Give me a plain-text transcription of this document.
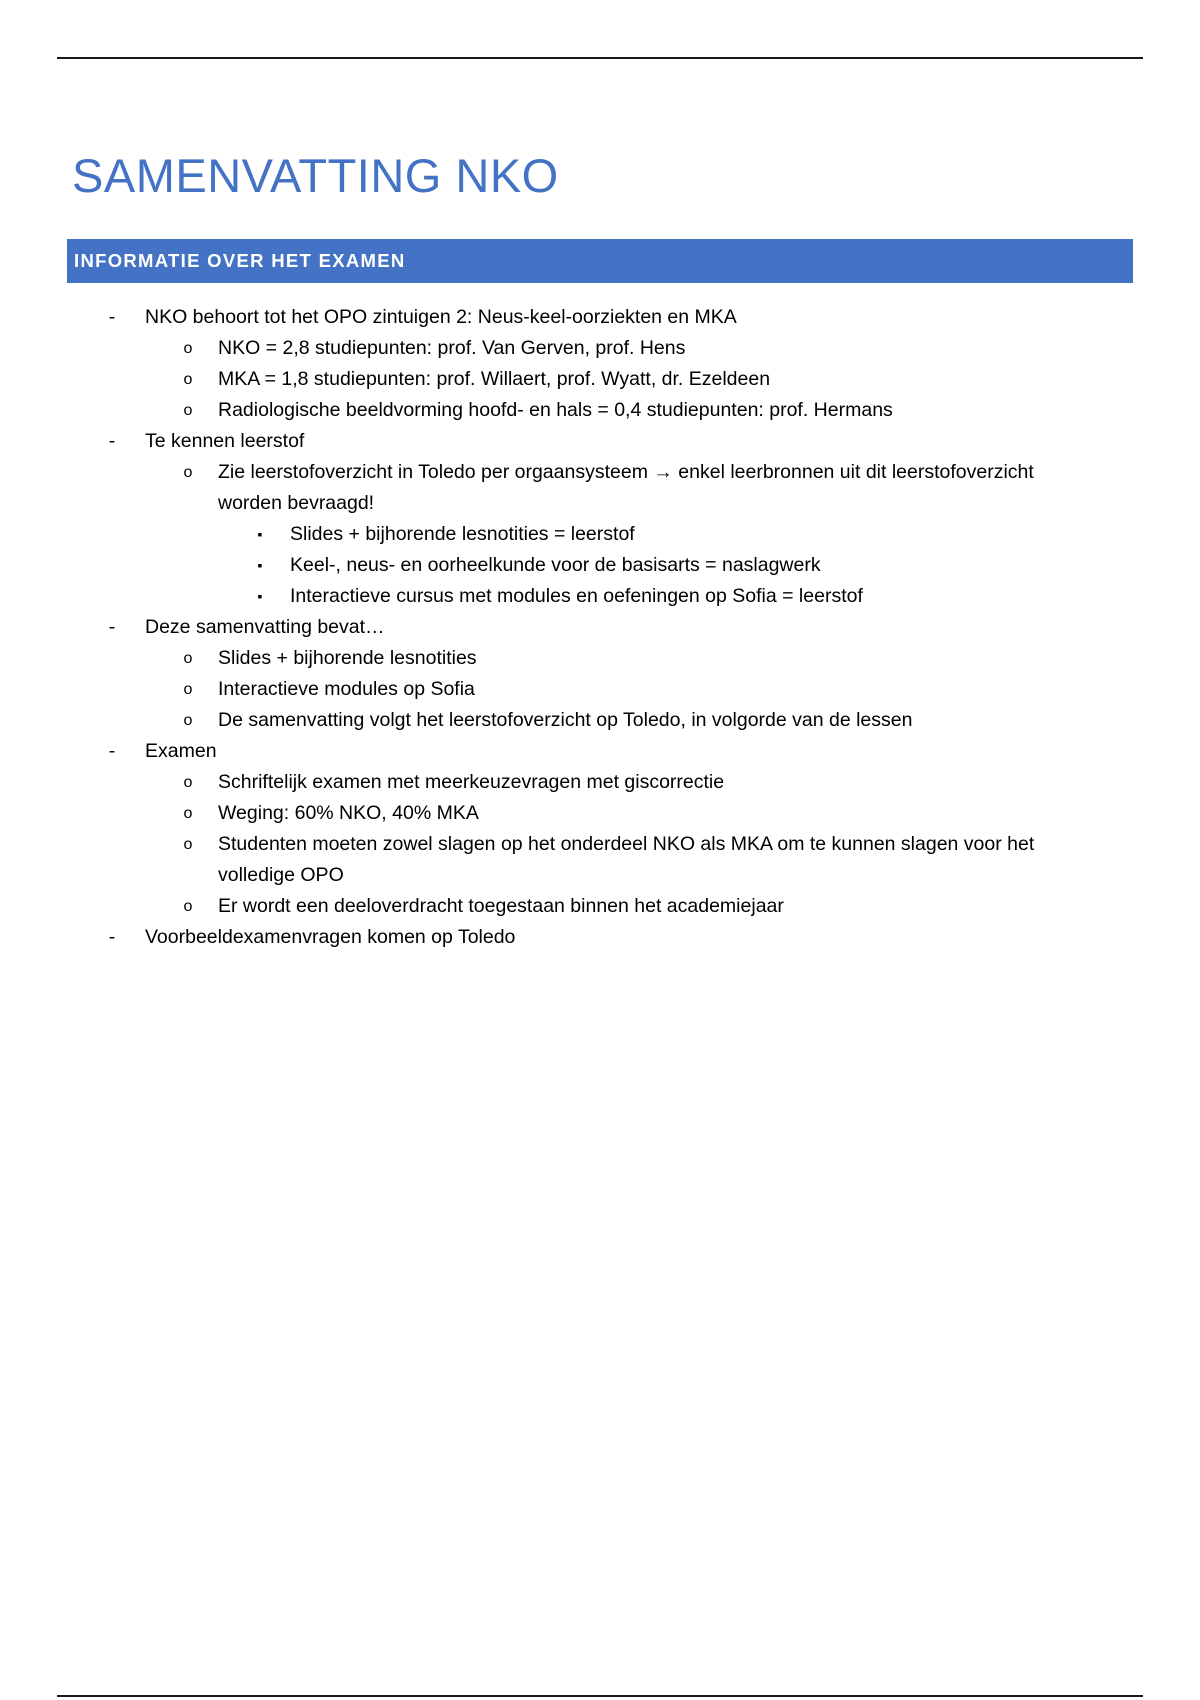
SAMENVATTING NKO
INFORMATIE OVER HET EXAMEN
-	NKO behoort tot het OPO zintuigen 2: Neus-keel-oorziekten en MKA
o NKO = 2,8 studiepunten: prof. Van Gerven, prof. Hens
o MKA = 1,8 studiepunten: prof. Willaert, prof. Wyatt, dr. Ezeldeen
o Radiologische beeldvorming hoofd- en hals = 0,4 studiepunten: prof. Hermans
-	Te kennen leerstof
o Zie leerstofoverzicht in Toledo per orgaansysteem → enkel leerbronnen uit dit leerstofoverzicht
worden bevraagd!
▪	Slides + bijhorende lesnotities = leerstof
▪	Keel-, neus- en oorheelkunde voor de basisarts = naslagwerk
▪	Interactieve cursus met modules en oefeningen op Sofia = leerstof
-	Deze samenvatting bevat…
o Slides + bijhorende lesnotities
o Interactieve modules op Sofia
o De samenvatting volgt het leerstofoverzicht op Toledo, in volgorde van de lessen
-	Examen
o Schriftelijk examen met meerkeuzevragen met giscorrectie
o Weging: 60% NKO, 40% MKA
o Studenten moeten zowel slagen op het onderdeel NKO als MKA om te kunnen slagen voor het
volledige OPO
o Er wordt een deeloverdracht toegestaan binnen het academiejaar
-	Voorbeeldexamenvragen komen op Toledo
